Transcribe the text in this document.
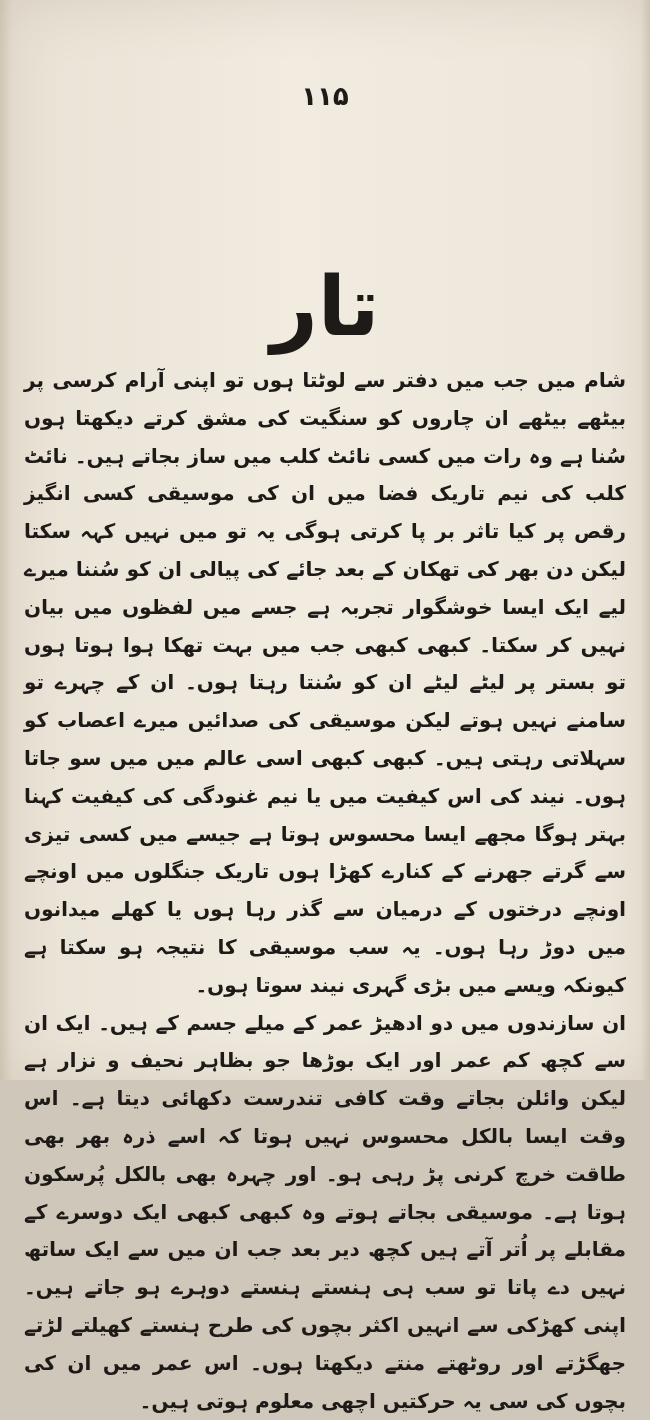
۱۱۵
تار

شام میں جب میں دفتر سے لوٹتا ہوں تو اپنی آرام کرسی پر بیٹھے بیٹھے ان چاروں کو سنگیت کی مشق کرتے دیکھتا ہوں سُنا ہے وہ رات میں کسی نائٹ کلب میں ساز بجاتے ہیں۔ نائٹ کلب کی نیم تاریک فضا میں ان کی موسیقی کسی انگیز رقص پر کیا تاثر بر پا کرتی ہوگی یہ تو میں نہیں کہہ سکتا لیکن دن بھر کی تھکان کے بعد جائے کی پیالی ان کو سُننا میرے لیے ایک ایسا خوشگوار تجربہ ہے جسے میں لفظوں میں بیان نہیں کر سکتا۔ کبھی کبھی جب میں بہت تھکا ہوا ہوتا ہوں تو بستر پر لیٹے لیٹے ان کو سُنتا رہتا ہوں۔ ان کے چہرے تو سامنے نہیں ہوتے لیکن موسیقی کی صدائیں میرے اعصاب کو سہلاتی رہتی ہیں۔ کبھی کبھی اسی عالم میں میں سو جاتا ہوں۔ نیند کی اس کیفیت میں یا نیم غنودگی کی کیفیت کہنا بہتر ہوگا مجھے ایسا محسوس ہوتا ہے جیسے میں کسی تیزی سے گرتے جھرنے کے کنارے کھڑا ہوں تاریک جنگلوں میں اونچے اونچے درختوں کے درمیان سے گذر رہا ہوں یا کھلے میدانوں میں دوڑ رہا ہوں۔ یہ سب موسیقی کا نتیجہ ہو سکتا ہے کیونکہ ویسے میں بڑی گہری نیند سوتا ہوں۔

ان سازندوں میں دو ادھیڑ عمر کے میلے جسم کے ہیں۔ ایک ان سے کچھ کم عمر اور ایک بوڑھا جو بظاہر نحیف و نزار ہے لیکن وائلن بجاتے وقت کافی تندرست دکھائی دیتا ہے۔ اس وقت ایسا بالکل محسوس نہیں ہوتا کہ اسے ذرہ بھر بھی طاقت خرچ کرنی پڑ رہی ہو۔ اور چہرہ بھی بالکل پُرسکون ہوتا ہے۔ موسیقی بجاتے ہوتے وہ کبھی کبھی ایک دوسرے کے مقابلے پر اُتر آتے ہیں کچھ دیر بعد جب ان میں سے ایک ساتھ نہیں دے پاتا تو سب ہی ہنستے ہنستے دوہرے ہو جاتے ہیں۔ اپنی کھڑکی سے انہیں اکثر بچوں کی طرح ہنستے کھیلتے لڑتے جھگڑتے اور روٹھتے منتے دیکھتا ہوں۔ اس عمر میں ان کی بچوں کی سی یہ حرکتیں اچھی معلوم ہوتی ہیں۔
